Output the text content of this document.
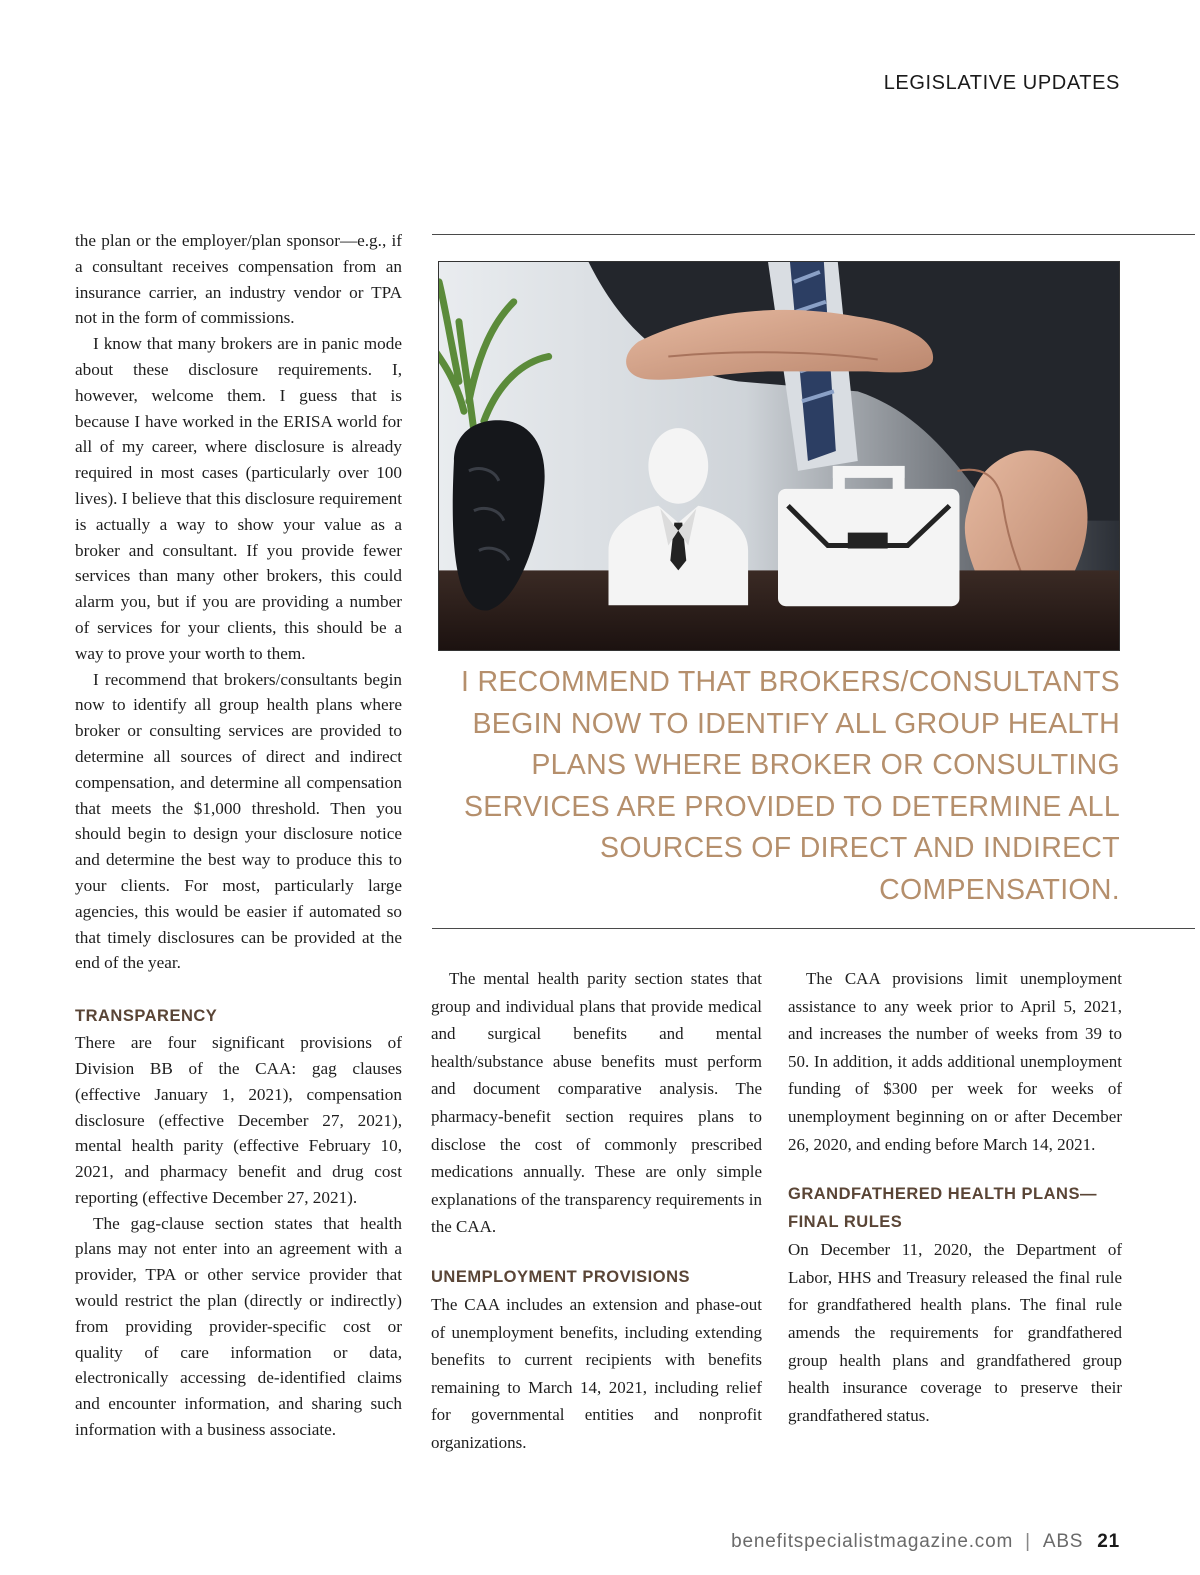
LEGISLATIVE UPDATES

the plan or the employer/plan sponsor—e.g., if a consultant receives compensation from an insurance carrier, an industry vendor or TPA not in the form of commissions.

I know that many brokers are in panic mode about these disclosure requirements. I, however, welcome them. I guess that is because I have worked in the ERISA world for all of my career, where disclosure is already required in most cases (particularly over 100 lives). I believe that this disclosure requirement is actually a way to show your value as a broker and consultant. If you provide fewer services than many other brokers, this could alarm you, but if you are providing a number of services for your clients, this should be a way to prove your worth to them.

I recommend that brokers/consultants begin now to identify all group health plans where broker or consulting services are provided to determine all sources of direct and indirect compensation, and determine all compensation that meets the $1,000 threshold. Then you should begin to design your disclosure notice and determine the best way to produce this to your clients. For most, particularly large agencies, this would be easier if automated so that timely disclosures can be provided at the end of the year.

TRANSPARENCY

There are four significant provisions of Division BB of the CAA: gag clauses (effective January 1, 2021), compensation disclosure (effective December 27, 2021), mental health parity (effective February 10, 2021, and pharmacy benefit and drug cost reporting (effective December 27, 2021).

The gag-clause section states that health plans may not enter into an agreement with a provider, TPA or other service provider that would restrict the plan (directly or indirectly) from providing provider-specific cost or quality of care information or data, electronically accessing de-identified claims and encounter information, and sharing such information with a business associate.

I RECOMMEND THAT BROKERS/CONSULTANTS BEGIN NOW TO IDENTIFY ALL GROUP HEALTH PLANS WHERE BROKER OR CONSULTING SERVICES ARE PROVIDED TO DETERMINE ALL SOURCES OF DIRECT AND INDIRECT COMPENSATION.

The mental health parity section states that group and individual plans that provide medical and surgical benefits and mental health/substance abuse benefits must perform and document comparative analysis. The pharmacy-benefit section requires plans to disclose the cost of commonly prescribed medications annually. These are only simple explanations of the transparency requirements in the CAA.

UNEMPLOYMENT PROVISIONS

The CAA includes an extension and phase-out of unemployment benefits, including extending benefits to current recipients with benefits remaining to March 14, 2021, including relief for governmental entities and nonprofit organizations.

The CAA provisions limit unemployment assistance to any week prior to April 5, 2021, and increases the number of weeks from 39 to 50. In addition, it adds additional unemployment funding of $300 per week for weeks of unemployment beginning on or after December 26, 2020, and ending before March 14, 2021.

GRANDFATHERED HEALTH PLANS—FINAL RULES

On December 11, 2020, the Department of Labor, HHS and Treasury released the final rule for grandfathered health plans. The final rule amends the requirements for grandfathered group health plans and grandfathered group health insurance coverage to preserve their grandfathered status.

benefitspecialistmagazine.com | ABS 21
